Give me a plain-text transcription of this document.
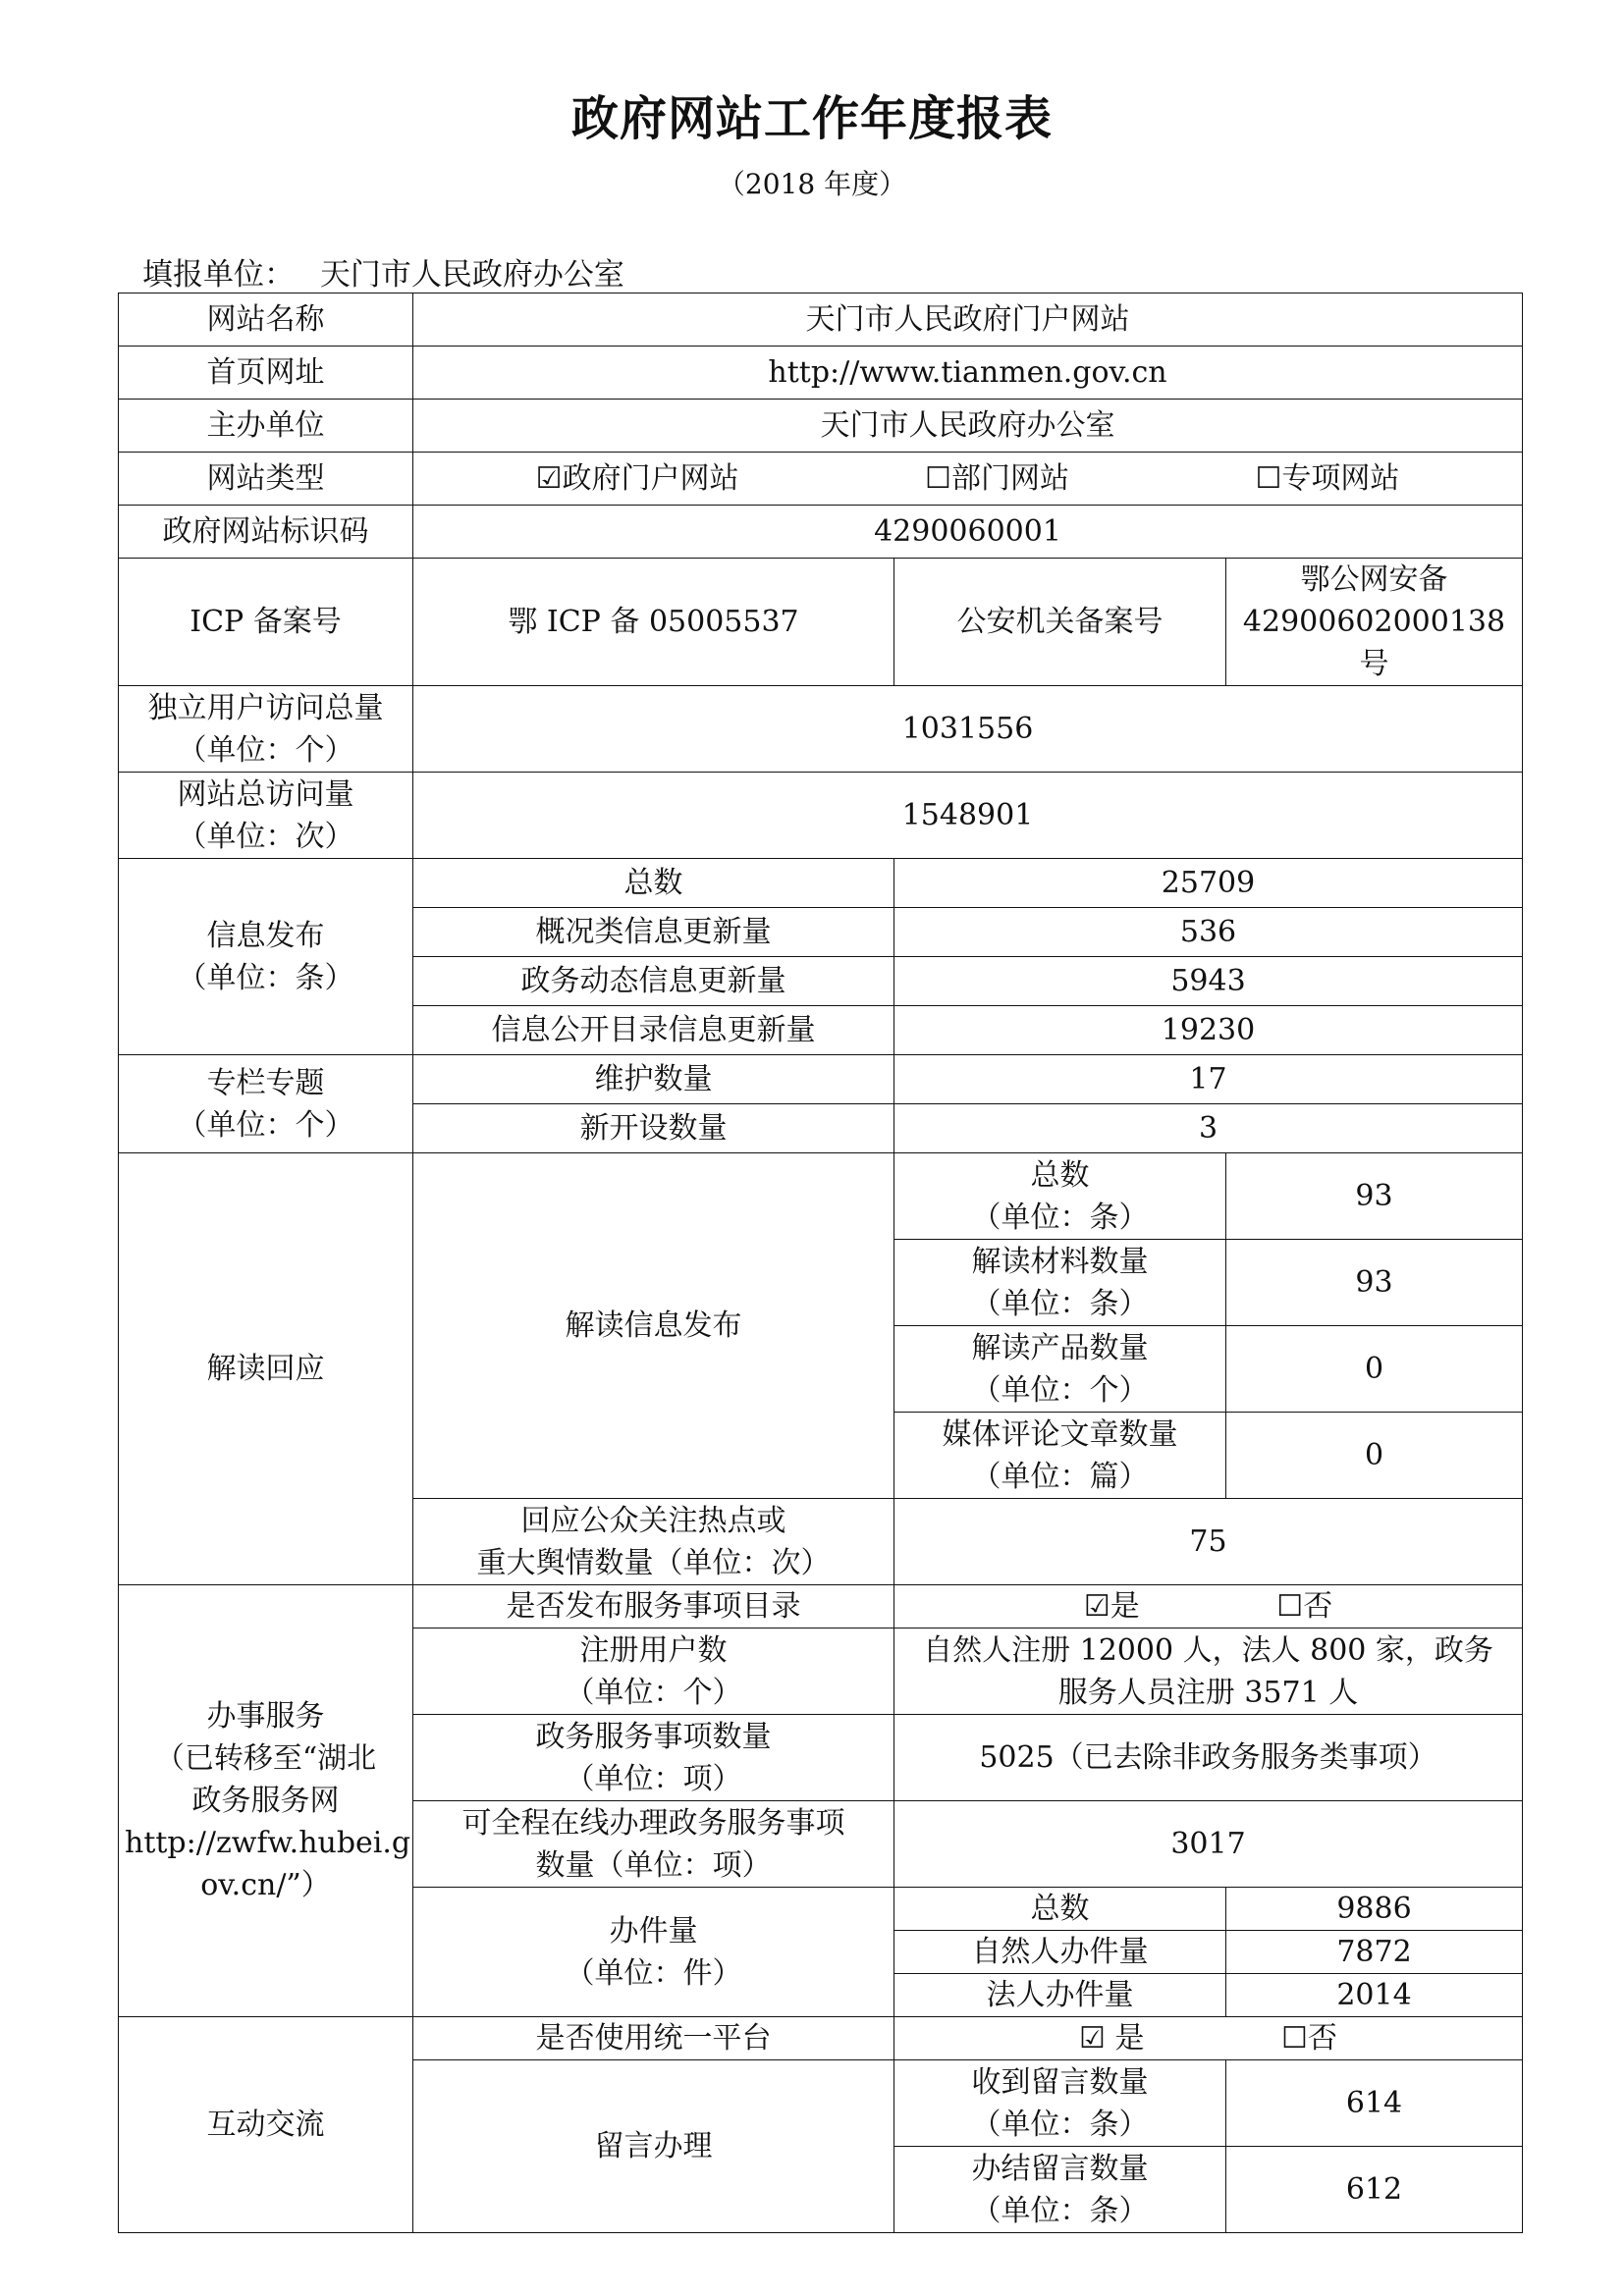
政府网站工作年度报表
（2018 年度）
填报单位： 天门市人民政府办公室
网站名称	天门市人民政府门户网站		
首页网址	http://www.tianmen.gov.cn		
主办单位	天门市人民政府办公室		
网站类型	☑政府门户网站 ☐部门网站 ☐专项网站		
政府网站标识码	4290060001		
ICP 备案号	鄂 ICP 备 05005537	公安机关备案号	鄂公网安备
42900602000138
号

独立用户访问总量
（单位：个）	1031556		

网站总访问量
（单位：次）	1548901		

信息发布
（单位：条）	总数	25709	
	概况类信息更新量	536	
	政务动态信息更新量	5943	
	信息公开目录信息更新量	19230	

专栏专题
（单位：个）	维护数量	17	
	新开设数量	3	
解读回应	解读信息发布	总数
（单位：条）	93

		解读材料数量
（单位：条）	93

		解读产品数量
（单位：个）	0

		媒体评论文章数量
（单位：篇）	0

	回应公众关注热点或
重大舆情数量（单位：次）	75	

办事服务
（已转移至“湖北
政务服务网
http://zwfw.hubei.g
ov.cn/”）	是否发布服务事项目录	☑是 ☐否	

	注册用户数
（单位：个）	自然人注册 12000 人，法人 800 家，政务
服务人员注册 3571 人	

	政务服务事项数量
（单位：项）	5025（已去除非政务服务类事项）	

	可全程在线办理政务服务事项
数量（单位：项）	3017	

	办件量
（单位：件）	总数	9886
		自然人办件量	7872
		法人办件量	2014
互动交流	是否使用统一平台	☑ 是 ☐否	
	留言办理	收到留言数量
（单位：条）	614

		办结留言数量
（单位：条）	612
